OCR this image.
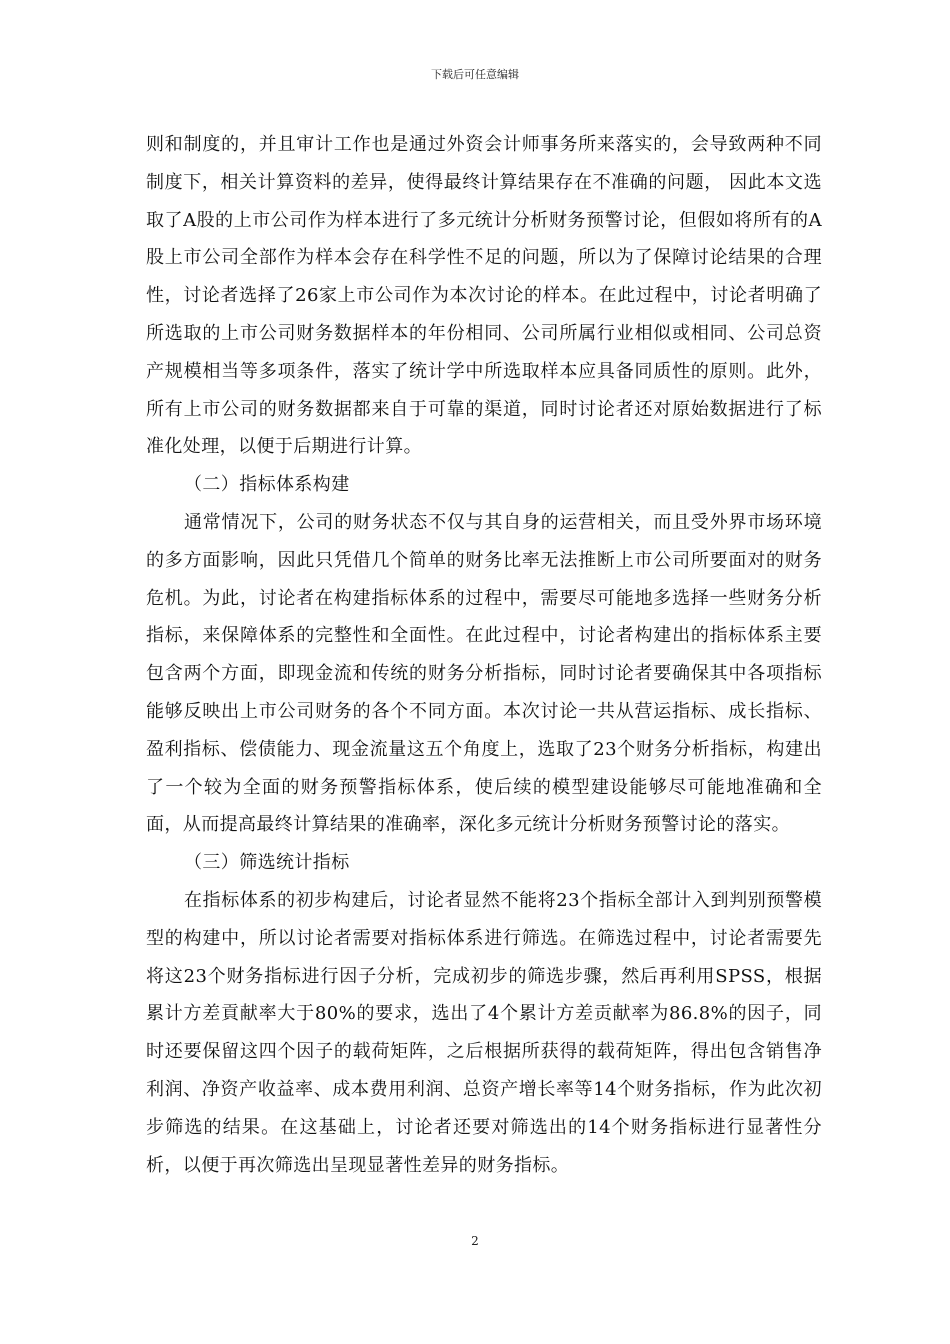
下载后可任意编辑

则和制度的，并且审计工作也是通过外资会计师事务所来落实的，会导致两种不同制度下，相关计算资料的差异，使得最终计算结果存在不准确的问题， 因此本文选取了A股的上市公司作为样本进行了多元统计分析财务预警讨论，但假如将所有的A股上市公司全部作为样本会存在科学性不足的问题，所以为了保障讨论结果的合理性，讨论者选择了26家上市公司作为本次讨论的样本。在此过程中，讨论者明确了所选取的上市公司财务数据样本的年份相同、公司所属行业相似或相同、公司总资产规模相当等多项条件，落实了统计学中所选取样本应具备同质性的原则。此外，所有上市公司的财务数据都来自于可靠的渠道，同时讨论者还对原始数据进行了标准化处理，以便于后期进行计算。

（二）指标体系构建

通常情况下，公司的财务状态不仅与其自身的运营相关，而且受外界市场环境的多方面影响，因此只凭借几个简单的财务比率无法推断上市公司所要面对的财务危机。为此，讨论者在构建指标体系的过程中，需要尽可能地多选择一些财务分析指标，来保障体系的完整性和全面性。在此过程中，讨论者构建出的指标体系主要包含两个方面，即现金流和传统的财务分析指标，同时讨论者要确保其中各项指标能够反映出上市公司财务的各个不同方面。本次讨论一共从营运指标、成长指标、盈利指标、偿债能力、现金流量这五个角度上，选取了23个财务分析指标，构建出了一个较为全面的财务预警指标体系，使后续的模型建设能够尽可能地准确和全面，从而提高最终计算结果的准确率，深化多元统计分析财务预警讨论的落实。

（三）筛选统计指标

在指标体系的初步构建后，讨论者显然不能将23个指标全部计入到判别预警模型的构建中，所以讨论者需要对指标体系进行筛选。在筛选过程中，讨论者需要先将这23个财务指标进行因子分析，完成初步的筛选步骤，然后再利用SPSS，根据累计方差貢献率大于80%的要求，选出了4个累计方差贡献率为86.8%的因子，同时还要保留这四个因子的载荷矩阵，之后根据所获得的载荷矩阵，得出包含销售净利润、净资产收益率、成本费用利润、总资产增长率等14个财务指标，作为此次初步筛选的结果。在这基础上，讨论者还要对筛选出的14个财务指标进行显著性分析，以便于再次筛选出呈现显著性差异的财务指标。

2
